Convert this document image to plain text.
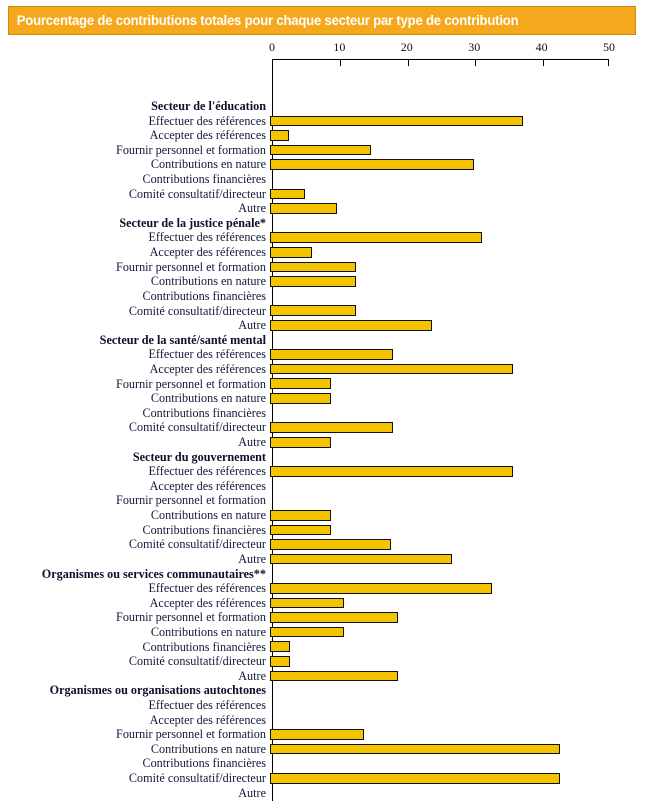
Pourcentage de contributions totales pour chaque secteur par type de contribution
0	10	20	30	40	50
Secteur de l'éducation
Effectuer des références
Accepter des références
Fournir personnel et formation
Contributions en nature
Contributions financières
Comité consultatif/directeur
Autre
Secteur de la justice pénale*
Effectuer des références
Accepter des références
Fournir personnel et formation
Contributions en nature
Contributions financières
Comité consultatif/directeur
Autre
Secteur de la santé/santé mental
Effectuer des références
Accepter des références
Fournir personnel et formation
Contributions en nature
Contributions financières
Comité consultatif/directeur
Autre
Secteur du gouvernement
Effectuer des références
Accepter des références
Fournir personnel et formation
Contributions en nature
Contributions financières
Comité consultatif/directeur
Autre
Organismes ou services communautaires**
Effectuer des références
Accepter des références
Fournir personnel et formation
Contributions en nature
Contributions financières
Comité consultatif/directeur
Autre
Organismes ou organisations autochtones
Effectuer des références
Accepter des références
Fournir personnel et formation
Contributions en nature
Contributions financières
Comité consultatif/directeur
Autre
